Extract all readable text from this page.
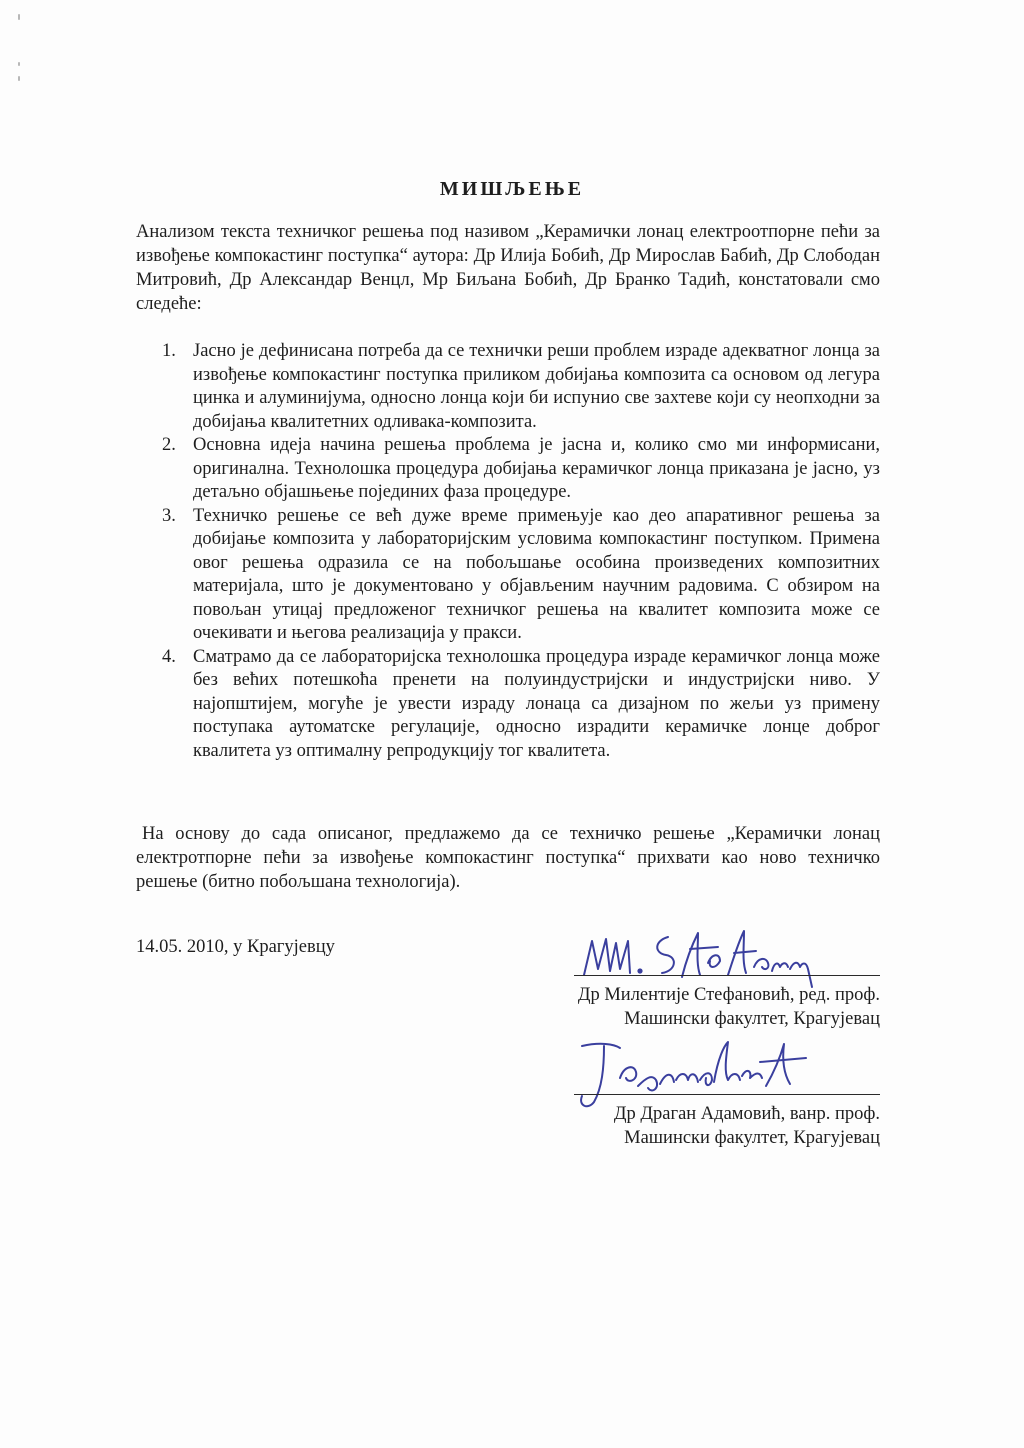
МИШЉЕЊЕ

Анализом текста техничког решења под називом „Керамички лонац електроотпорне пећи за извођење компокастинг поступка“ аутора: Др Илија Бобић, Др Мирослав Бабић, Др Слободан Митровић, Др Александар Венцл, Мр Биљана Бобић, Др Бранко Тадић, констатовали смо следеће:

1. Јасно је дефинисана потреба да се технички реши проблем израде адекватног лонца за извођење компокастинг поступка приликом добијања композита са основом од легура цинка и алуминијума, односно лонца који би испунио све захтеве који су неопходни за добијања квалитетних одливака-композита.
2. Основна идеја начина решења проблема је јасна и, колико смо ми информисани, оригинална. Технолошка процедура добијања керамичког лонца приказана је јасно, уз детаљно објашњење појединих фаза процедуре.
3. Техничко решење се већ дуже време примењује као део апаративног решења за добијање композита у лабораторијским условима компокастинг поступком. Примена овог решења одразила се на побољшање особина произведених композитних материјала, што је документовано у објављеним научним радовима. С обзиром на повољан утицај предложеног техничког решења на квалитет композита може се очекивати и његова реализација у пракси.
4. Сматрамо да се лабораторијска технолошка процедура израде керамичког лонца може без већих потешкоћа пренети на полуиндустријски и индустријски ниво. У најопштијем, могуће је увести израду лонаца са дизајном по жељи уз примену поступака аутоматске регулације, односно израдити керамичке лонце доброг квалитета уз оптималну репродукцију тог квалитета.

На основу до сада описаног, предлажемо да се техничко решење „Керамички лонац електротпорне пећи за извођење компокастинг поступка“ прихвати као ново техничко решење (битно побољшана технологија).

14.05. 2010, у Крагујевцу

Др Милентије Стефановић, ред. проф.
Машински факултет, Крагујевац
Др Драган Адамовић, ванр. проф.
Машински факултет, Крагујевац
